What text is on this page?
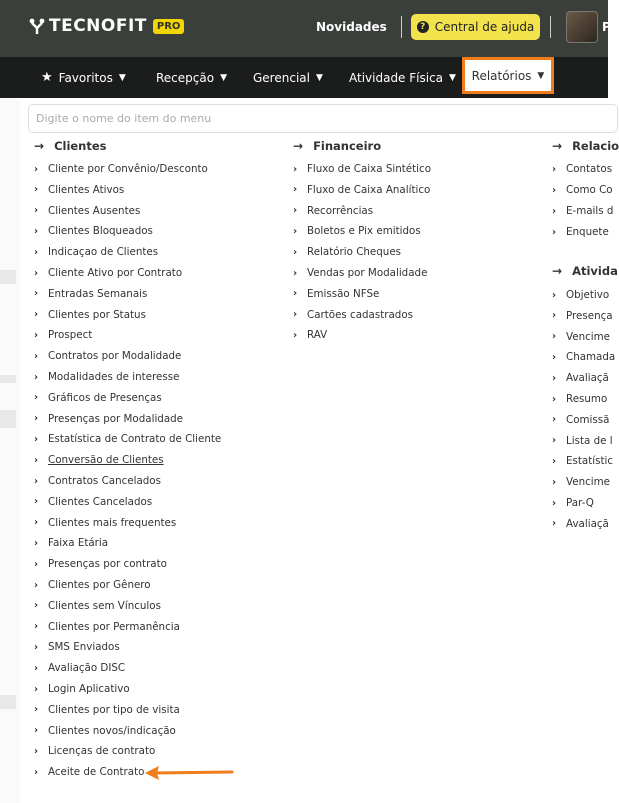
TECNOFIT	PRO	Novidades	? Central de ajuda	P
★ Favoritos ▼	Recepção ▼ Gerencial ▼ Atividade Física ▼ Relatórios ▼
Digite o nome do item do menu
→ Clientes
› Cliente por Convênio/Desconto
› Clientes Ativos
› Clientes Ausentes
› Clientes Bloqueados
› Indicaçao de Clientes
› Cliente Ativo por Contrato
› Entradas Semanais
› Clientes por Status
› Prospect
› Contratos por Modalidade
› Modalidades de interesse
› Gráficos de Presenças
› Presenças por Modalidade
› Estatística de Contrato de Cliente
› Conversão de Clientes
› Contratos Cancelados
› Clientes Cancelados
› Clientes mais frequentes
› Faixa Etária
› Presenças por contrato
› Clientes por Gênero
› Clientes sem Vínculos
› Clientes por Permanência
› SMS Enviados
› Avaliação DISC
› Login Aplicativo
› Clientes por tipo de visita
› Clientes novos/indicação
› Licenças de contrato
› Aceite de Contrato
→ Financeiro
› Fluxo de Caixa Sintético
› Fluxo de Caixa Analítico
› Recorrências
› Boletos e Pix emitidos
› Relatório Cheques
› Vendas por Modalidade
› Emissão NFSe
› Cartões cadastrados
› RAV
→ Relacio
› Contatos
› Como Co
› E-mails d
› Enquete
→ Ativida
› Objetivo
› Presença
› Vencime
› Chamada
› Avaliaçã
› Resumo
› Comissã
› Lista de l
› Estatístic
› Vencime
› Par-Q
› Avaliaçã
